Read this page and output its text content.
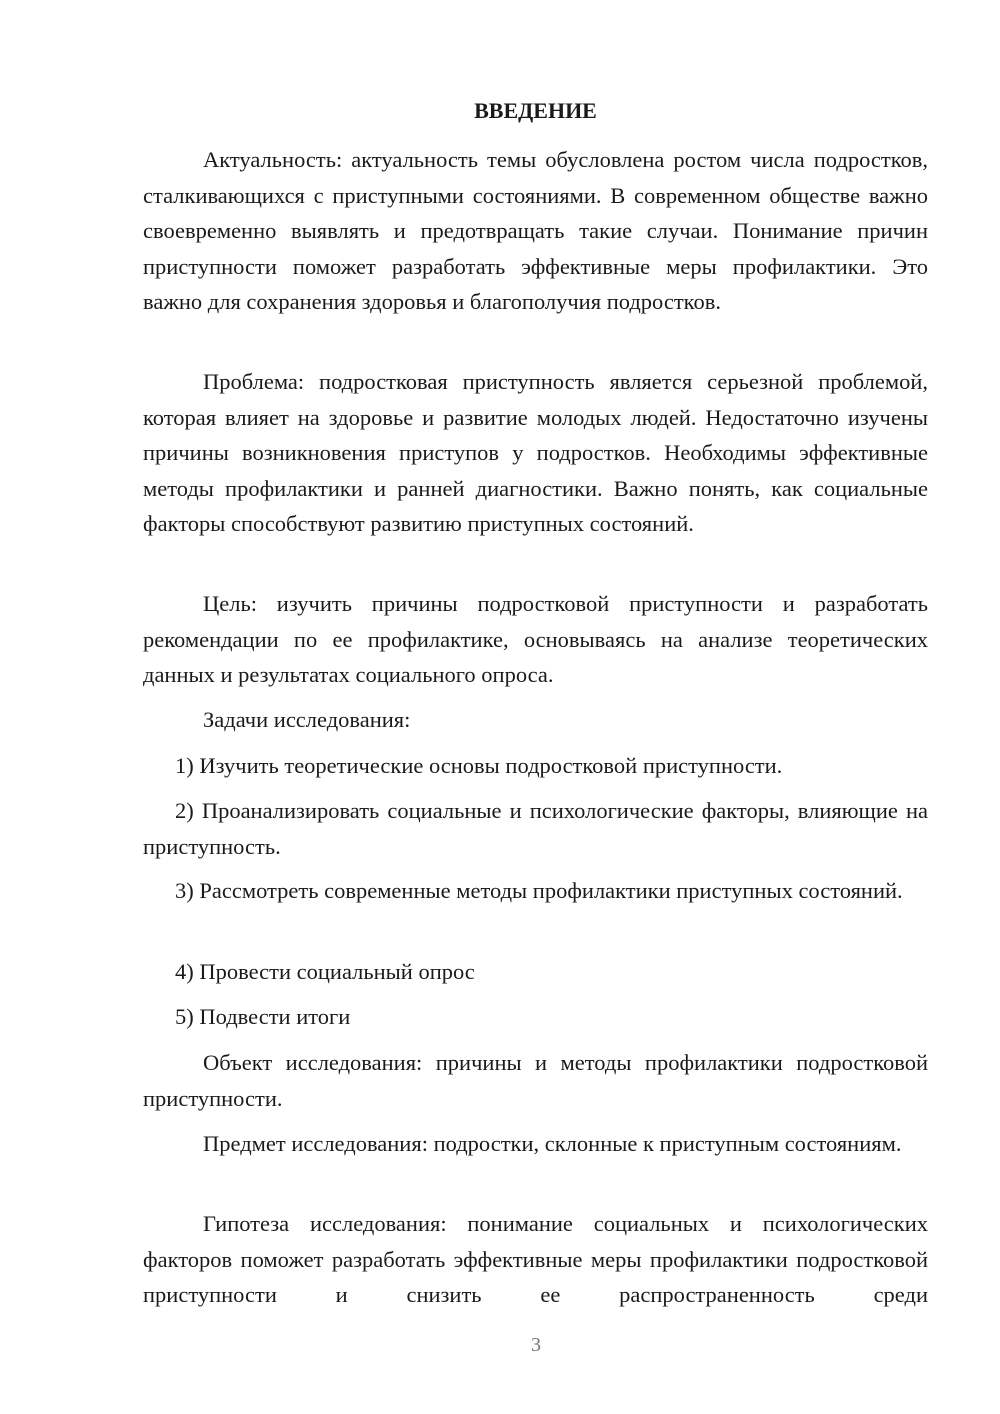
ВВЕДЕНИЕ

Актуальность: актуальность темы обусловлена ростом числа подростков, сталкивающихся с приступными состояниями. В современном обществе важно своевременно выявлять и предотвращать такие случаи. Понимание причин приступности поможет разработать эффективные меры профилактики. Это важно для сохранения здоровья и благополучия подростков.

Проблема: подростковая приступность является серьезной проблемой, которая влияет на здоровье и развитие молодых людей. Недостаточно изучены причины возникновения приступов у подростков. Необходимы эффективные методы профилактики и ранней диагностики. Важно понять, как социальные факторы способствуют развитию приступных состояний.

Цель: изучить причины подростковой приступности и разработать рекомендации по ее профилактике, основываясь на анализе теоретических данных и результатах социального опроса.

Задачи исследования:

1) Изучить теоретические основы подростковой приступности.

2) Проанализировать социальные и психологические факторы, влияющие на приступность.

3) Рассмотреть современные методы профилактики приступных состояний.

4) Провести социальный опрос

5) Подвести итоги

Объект исследования: причины и методы профилактики подростковой приступности.

Предмет исследования: подростки, склонные к приступным состояниям.

Гипотеза исследования: понимание социальных и психологических факторов поможет разработать эффективные меры профилактики подростковой приступности и снизить ее распространенность среди

3
